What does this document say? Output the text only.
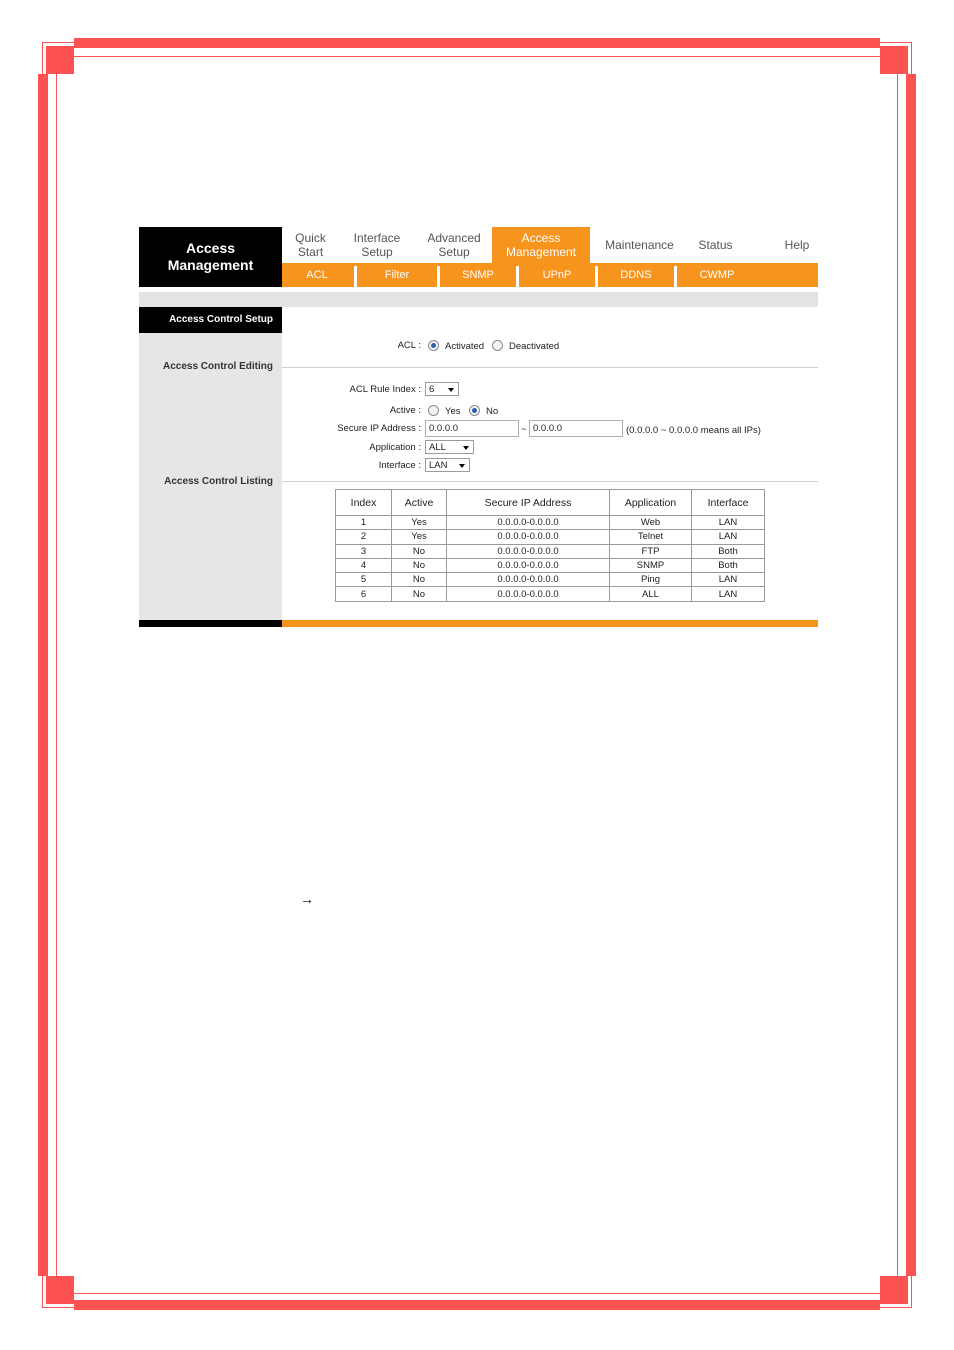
Access
Management
Quick
Start
Interface
Setup
Advanced
Setup
Access
Management Maintenance Status	Help
ACL	Filter	SNMP	UPnP	DDNS	CWMP
Access Control Setup
Access Control Editing
Access Control Listing
ACL :	Activated	Deactivated
ACL Rule Index : 6
Active :	Yes	No
Secure IP Address : 0.0.0.0	~ 0.0.0.0	(0.0.0.0 ~ 0.0.0.0 means all IPs)
Application : ALL
Interface : LAN
Index	Active	Secure IP Address	Application	Interface
1	Yes	0.0.0.0-0.0.0.0	Web	LAN
2	Yes	0.0.0.0-0.0.0.0	Telnet	LAN
3	No	0.0.0.0-0.0.0.0	FTP	Both
4	No	0.0.0.0-0.0.0.0	SNMP	Both
5	No	0.0.0.0-0.0.0.0	Ping	LAN
6	No	0.0.0.0-0.0.0.0	ALL	LAN
→
